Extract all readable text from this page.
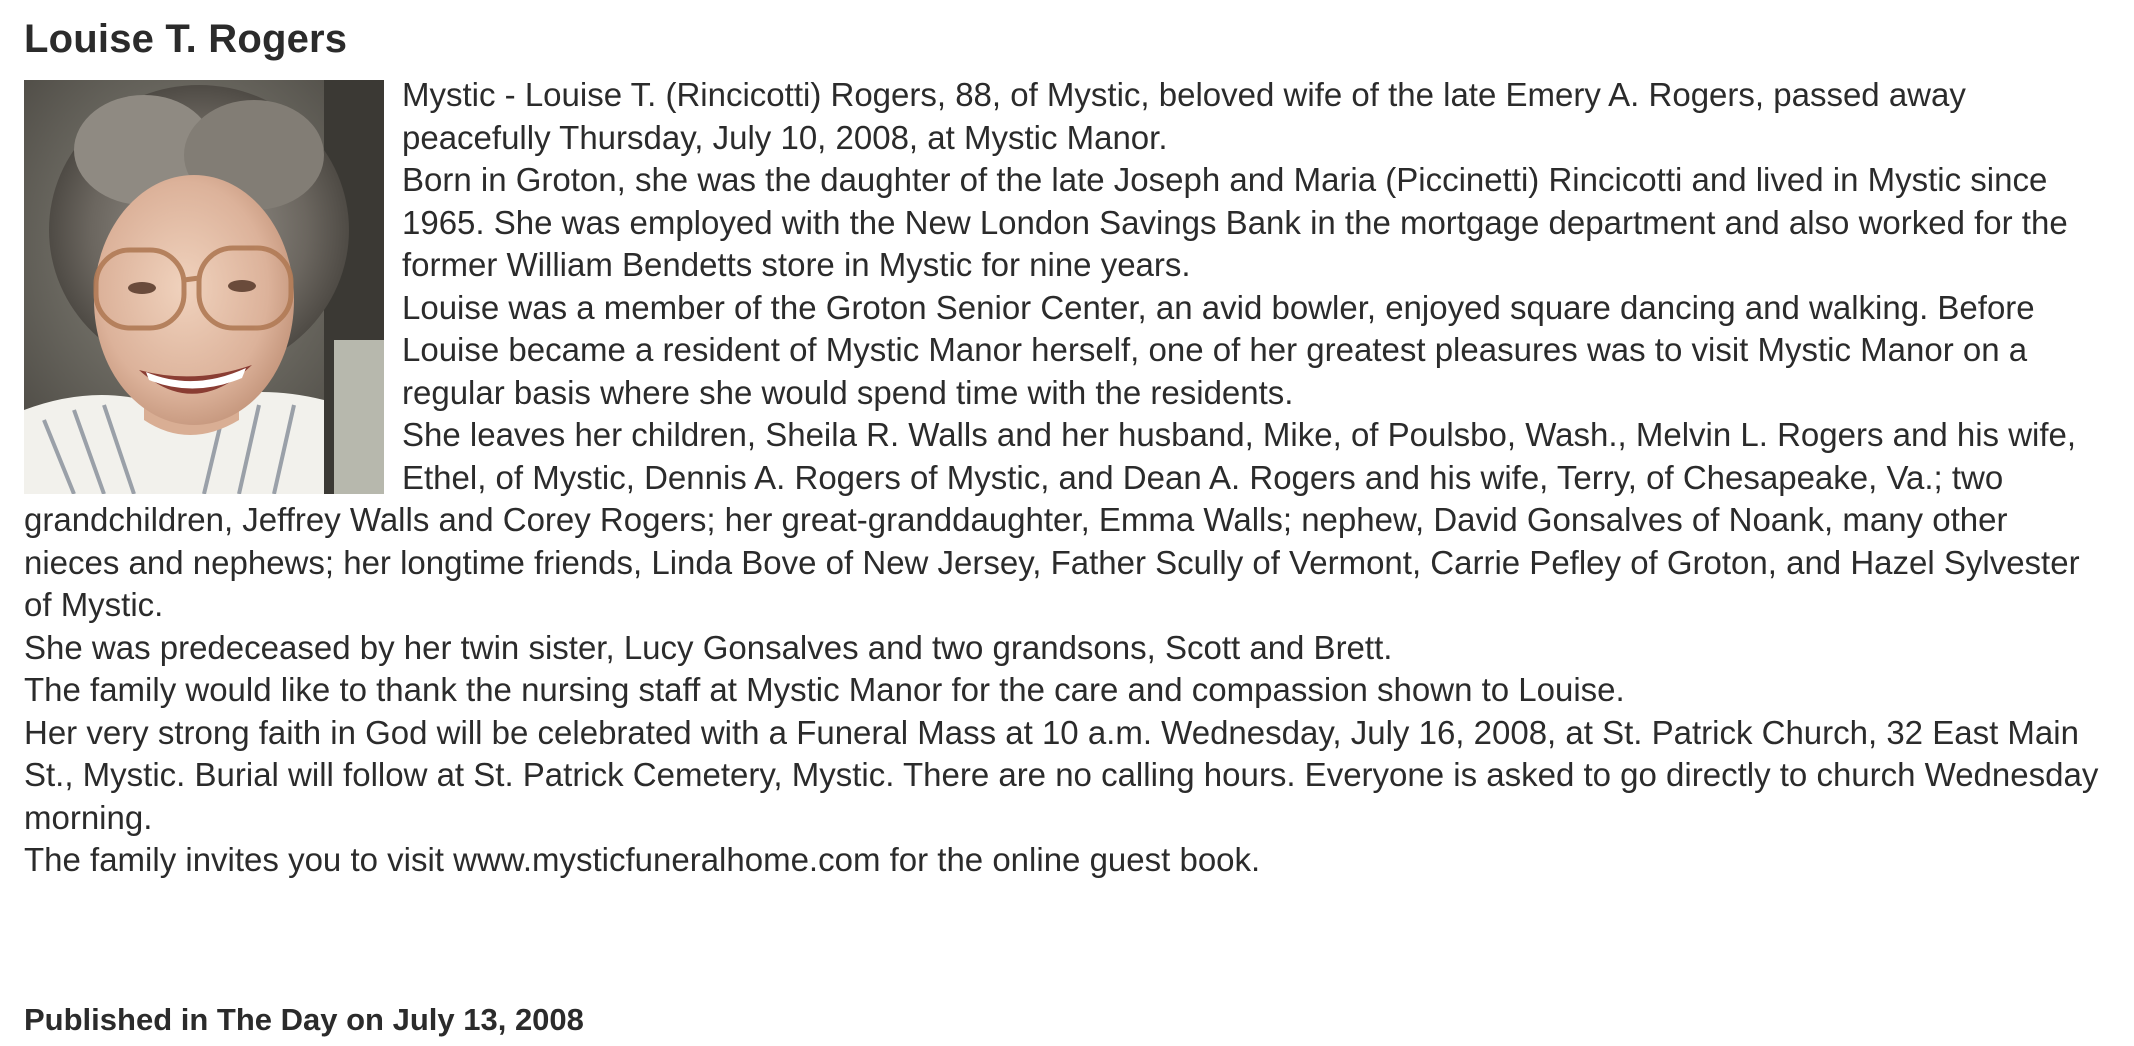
Louise T. Rogers

Mystic - Louise T. (Rincicotti) Rogers, 88, of Mystic, beloved wife of the late Emery A. Rogers, passed away peacefully Thursday, July 10, 2008, at Mystic Manor.

Born in Groton, she was the daughter of the late Joseph and Maria (Piccinetti) Rincicotti and lived in Mystic since 1965. She was employed with the New London Savings Bank in the mortgage department and also worked for the former William Bendetts store in Mystic for nine years.

Louise was a member of the Groton Senior Center, an avid bowler, enjoyed square dancing and walking. Before Louise became a resident of Mystic Manor herself, one of her greatest pleasures was to visit Mystic Manor on a regular basis where she would spend time with the residents.

She leaves her children, Sheila R. Walls and her husband, Mike, of Poulsbo, Wash., Melvin L. Rogers and his wife, Ethel, of Mystic, Dennis A. Rogers of Mystic, and Dean A. Rogers and his wife, Terry, of Chesapeake, Va.; two grandchildren, Jeffrey Walls and Corey Rogers; her great-granddaughter, Emma Walls; nephew, David Gonsalves of Noank, many other nieces and nephews; her longtime friends, Linda Bove of New Jersey, Father Scully of Vermont, Carrie Pefley of Groton, and Hazel Sylvester of Mystic.

She was predeceased by her twin sister, Lucy Gonsalves and two grandsons, Scott and Brett.

The family would like to thank the nursing staff at Mystic Manor for the care and compassion shown to Louise.

Her very strong faith in God will be celebrated with a Funeral Mass at 10 a.m. Wednesday, July 16, 2008, at St. Patrick Church, 32 East Main St., Mystic. Burial will follow at St. Patrick Cemetery, Mystic. There are no calling hours. Everyone is asked to go directly to church Wednesday morning.

The family invites you to visit www.mysticfuneralhome.com for the online guest book.

Published in The Day on July 13, 2008
